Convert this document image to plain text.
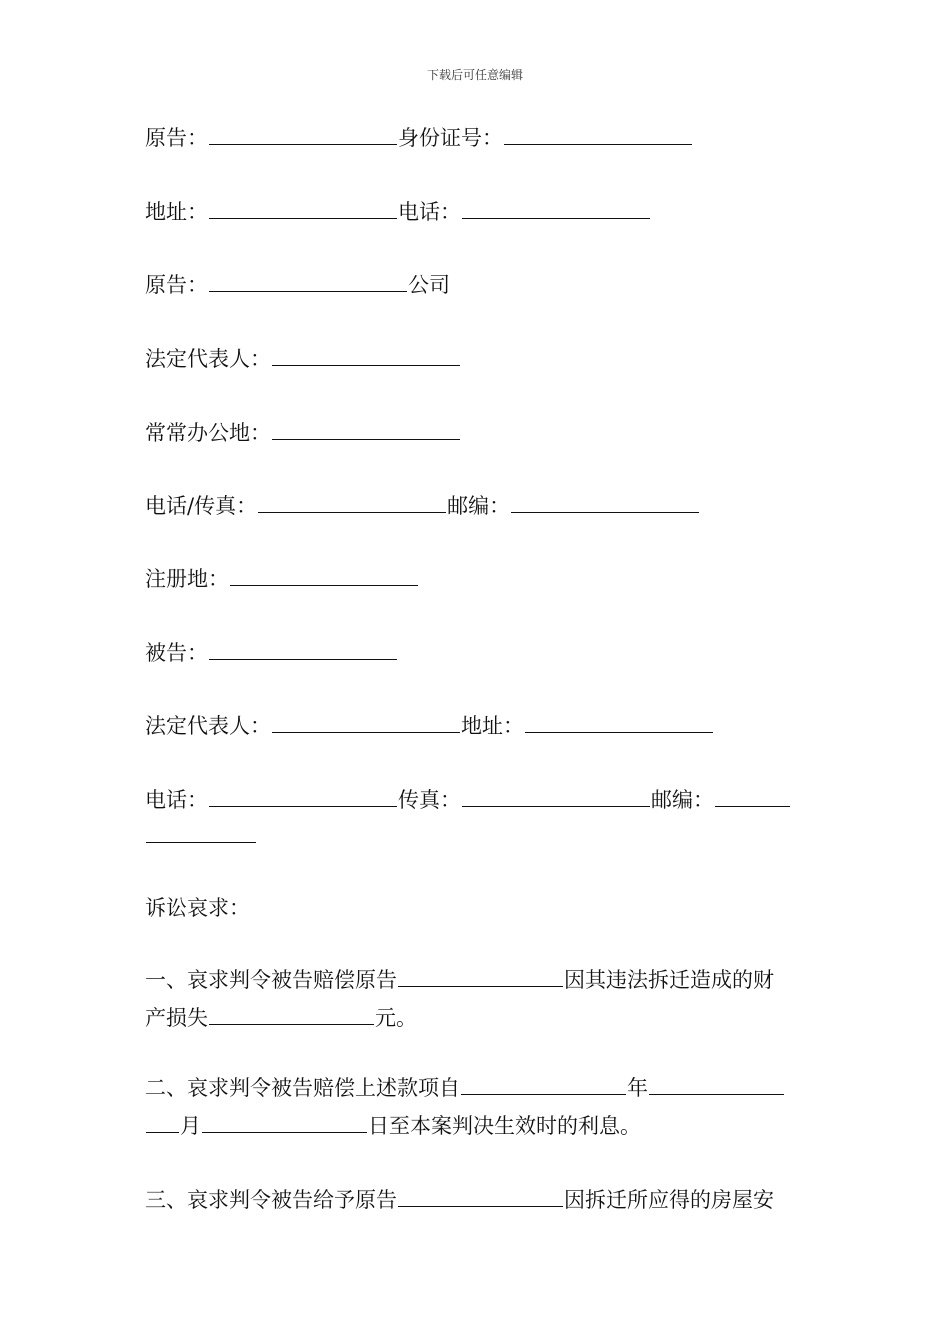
下载后可任意编辑
原告：	身份证号：
地址：	电话：
原告：	公司
法定代表人：
常常办公地：
电话/传真：	邮编：
注册地：
被告：
法定代表人：	地址：
电话：	传真：	邮编：
诉讼哀求：
一、哀求判令被告赔偿原告	因其违法拆迁造成的财
产损失	元。
二、哀求判令被告赔偿上述款项自	年
月	日至本案判决生效时的利息。
三、哀求判令被告给予原告	因拆迁所应得的房屋安
